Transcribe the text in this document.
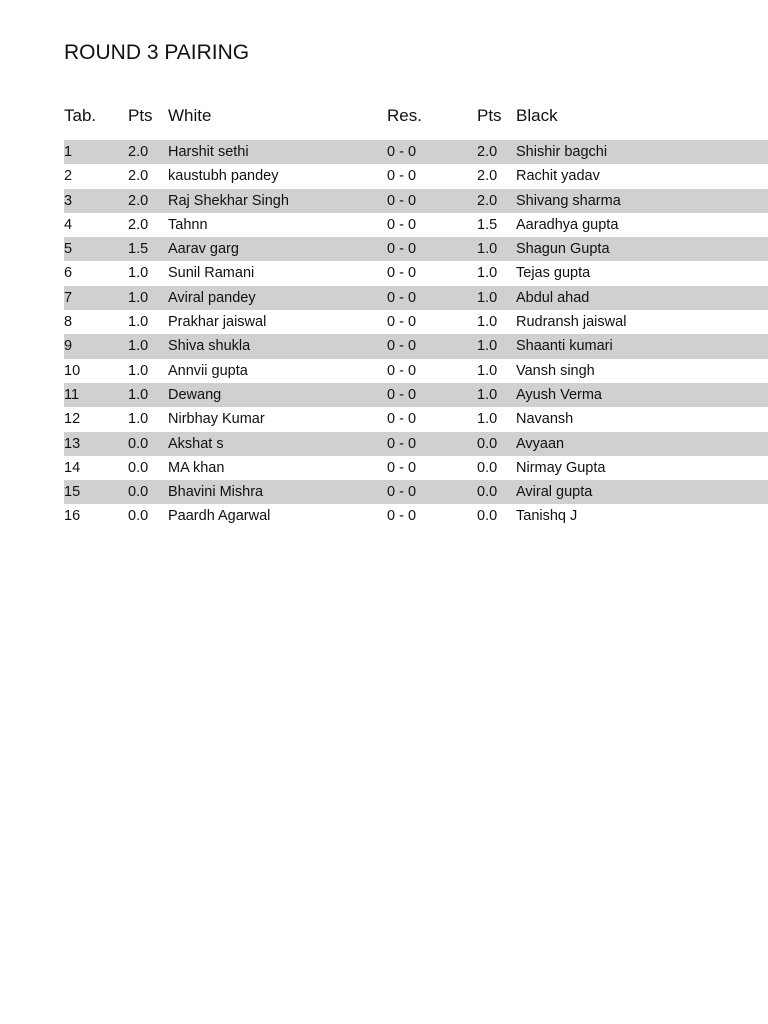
ROUND 3 PAIRING
Tab. Pts White	Res.	Pts Black
1	2.0 Harshit sethi	0 - 0	2.0 Shishir bagchi
2	2.0 kaustubh pandey	0 - 0	2.0 Rachit yadav
3	2.0 Raj Shekhar Singh	0 - 0	2.0 Shivang sharma
4	2.0 Tahnn	0 - 0	1.5 Aaradhya gupta
5	1.5 Aarav garg	0 - 0	1.0 Shagun Gupta
6	1.0 Sunil Ramani	0 - 0	1.0 Tejas gupta
7	1.0 Aviral pandey	0 - 0	1.0 Abdul ahad
8	1.0 Prakhar jaiswal	0 - 0	1.0 Rudransh jaiswal
9	1.0 Shiva shukla	0 - 0	1.0 Shaanti kumari
10	1.0 Annvii gupta	0 - 0	1.0 Vansh singh
11	1.0 Dewang	0 - 0	1.0 Ayush Verma
12	1.0 Nirbhay Kumar	0 - 0	1.0 Navansh
13	0.0 Akshat s	0 - 0	0.0 Avyaan
14	0.0 MA khan	0 - 0	0.0 Nirmay Gupta
15	0.0 Bhavini Mishra	0 - 0	0.0 Aviral gupta
16	0.0 Paardh Agarwal	0 - 0	0.0 Tanishq J
